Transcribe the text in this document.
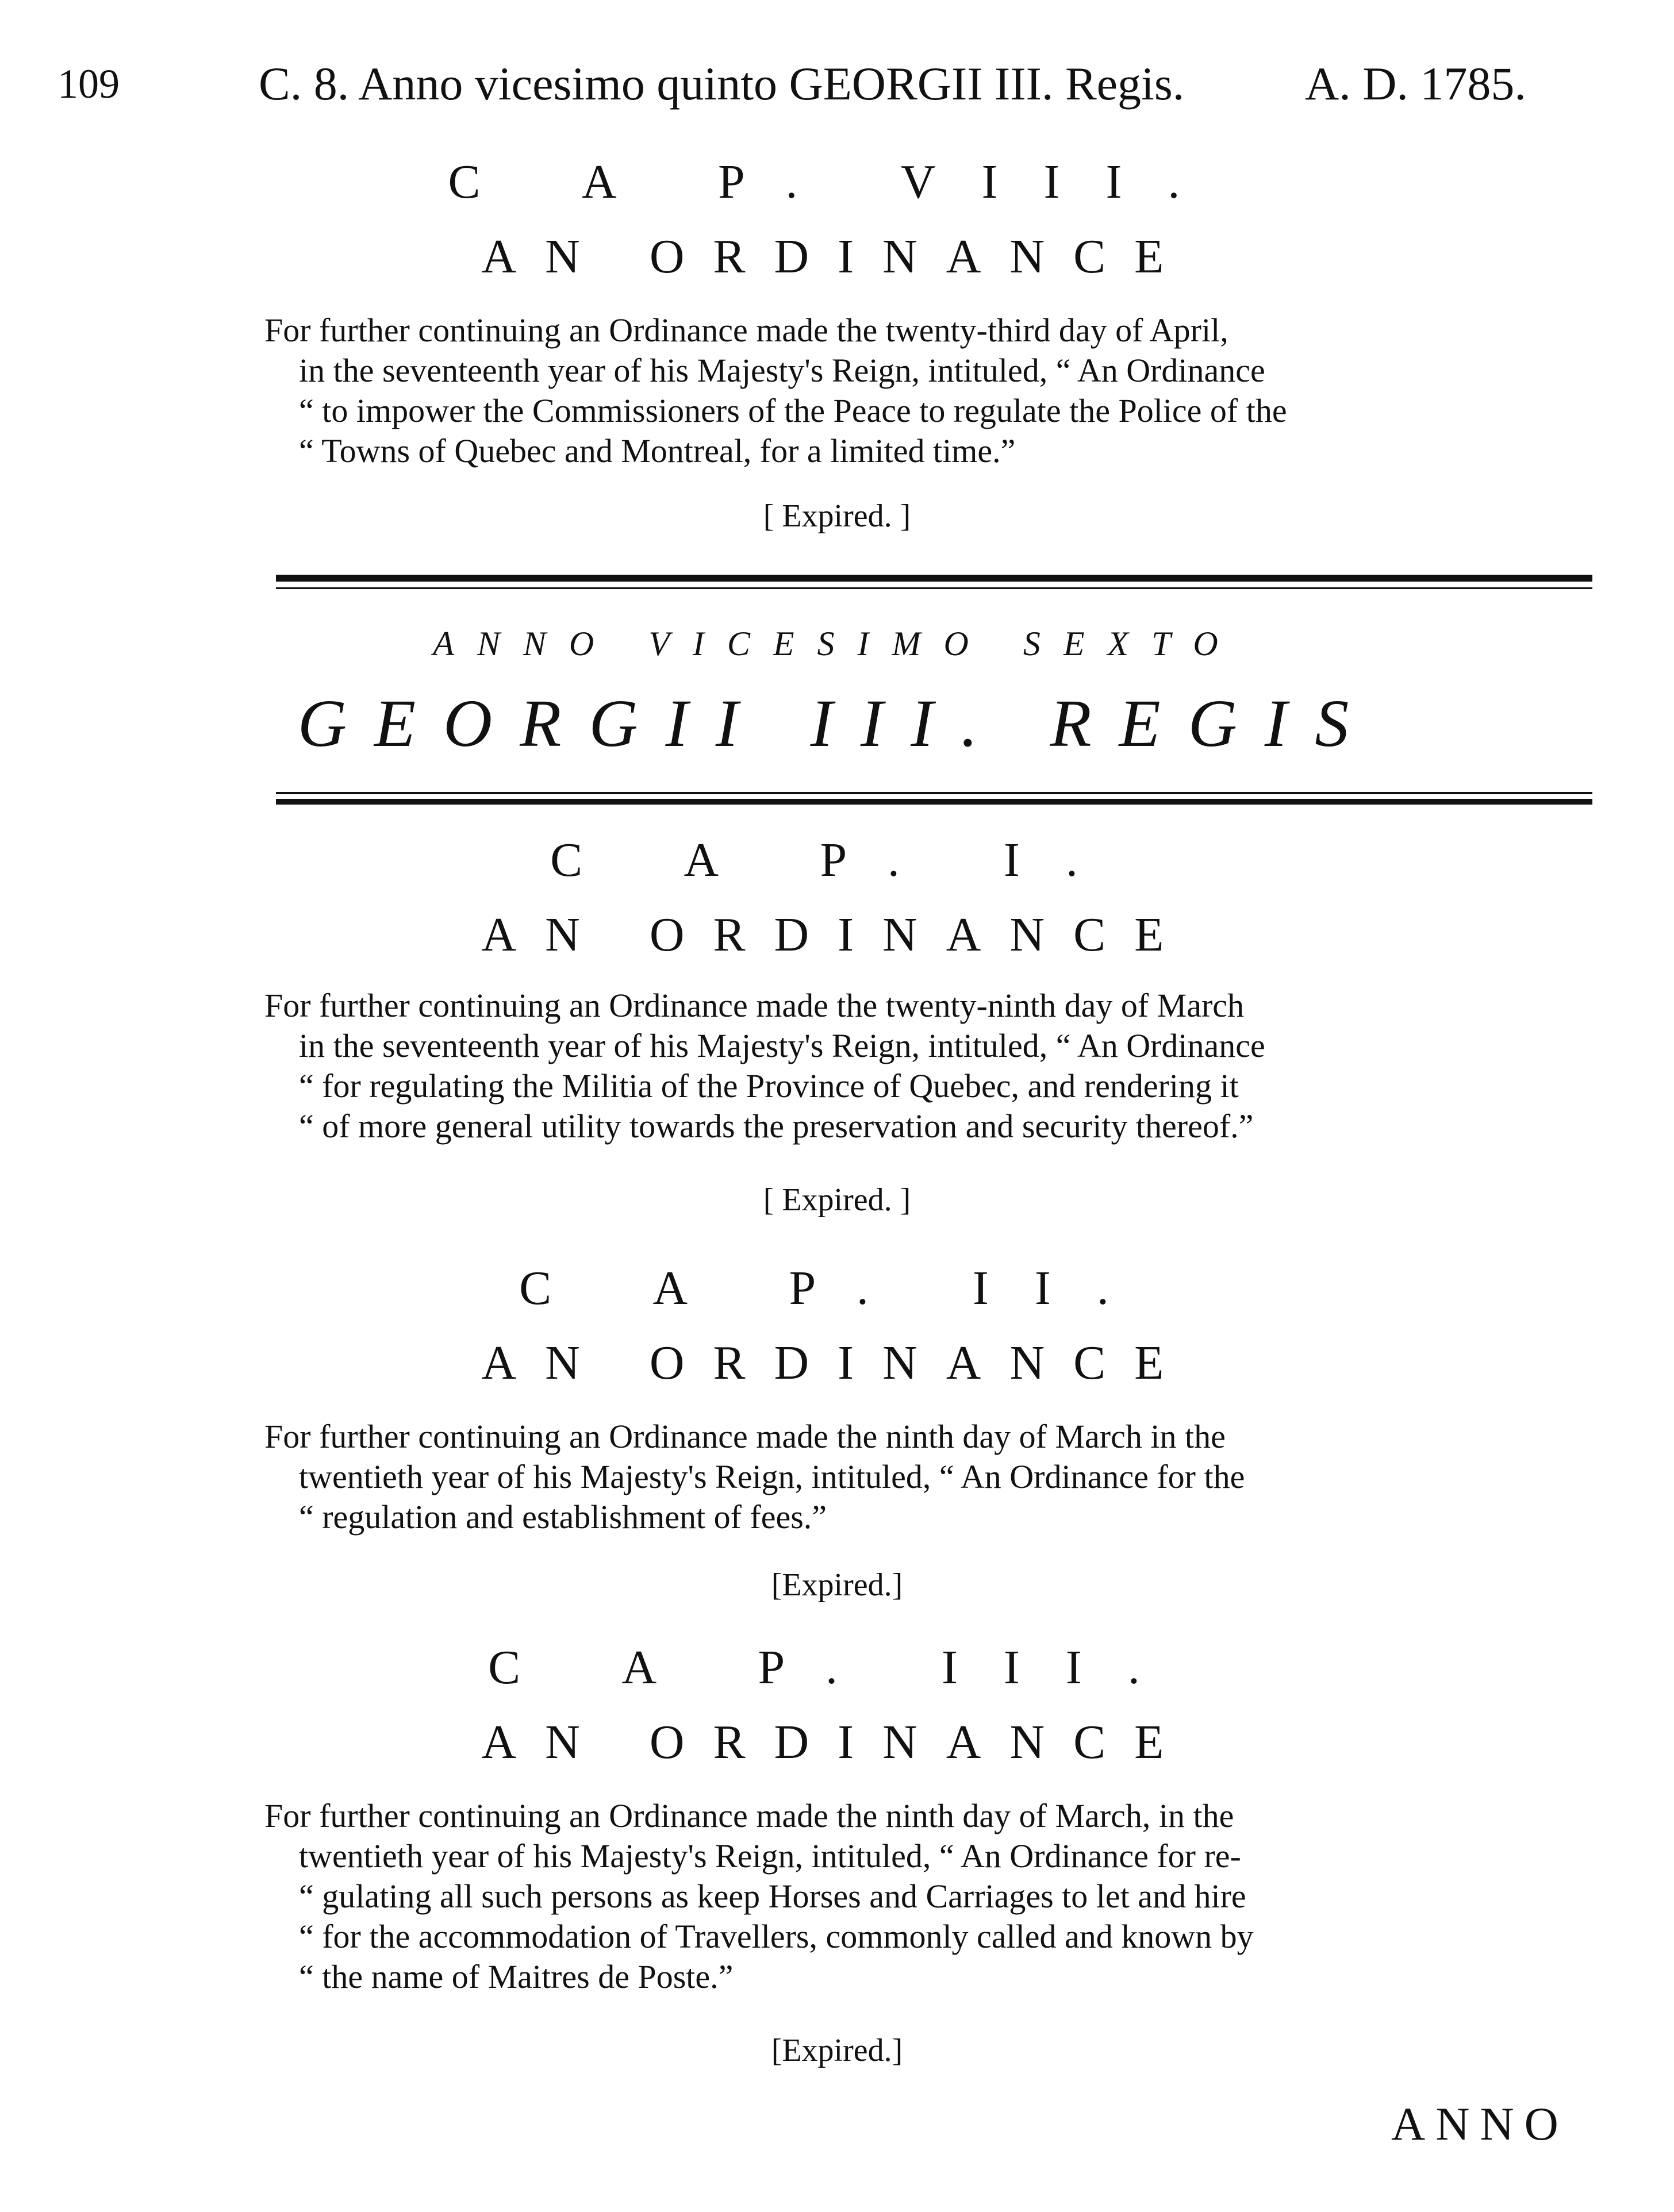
109	C. 8. Anno vicesimo quinto GEORGII III. Regis.	A. D. 1785.
C A P. VIII.
AN ORDINANCE
For further continuing an Ordinance made the twenty-third day of April,
in the seventeenth year of his Majesty's Reign, intituled, “ An Ordinance
“ to impower the Commissioners of the Peace to regulate the Police of the
“ Towns of Quebec and Montreal, for a limited time.”
[ Expired. ]
ANNO VICESIMO SEXTO
GEORGII III. REGIS
C A P. I.
AN ORDINANCE
For further continuing an Ordinance made the twenty-ninth day of March
in the seventeenth year of his Majesty's Reign, intituled, “ An Ordinance
“ for regulating the Militia of the Province of Quebec, and rendering it
“ of more general utility towards the preservation and security thereof.”
[ Expired. ]
C A P. II.
AN ORDINANCE
For further continuing an Ordinance made the ninth day of March in the
twentieth year of his Majesty's Reign, intituled, “ An Ordinance for the
“ regulation and establishment of fees.”
[Expired.]
C A P. III.
AN ORDINANCE
For further continuing an Ordinance made the ninth day of March, in the
twentieth year of his Majesty's Reign, intituled, “ An Ordinance for re-
“ gulating all such persons as keep Horses and Carriages to let and hire
“ for the accommodation of Travellers, commonly called and known by
“ the name of Maitres de Poste.”
[Expired.]
ANNO
